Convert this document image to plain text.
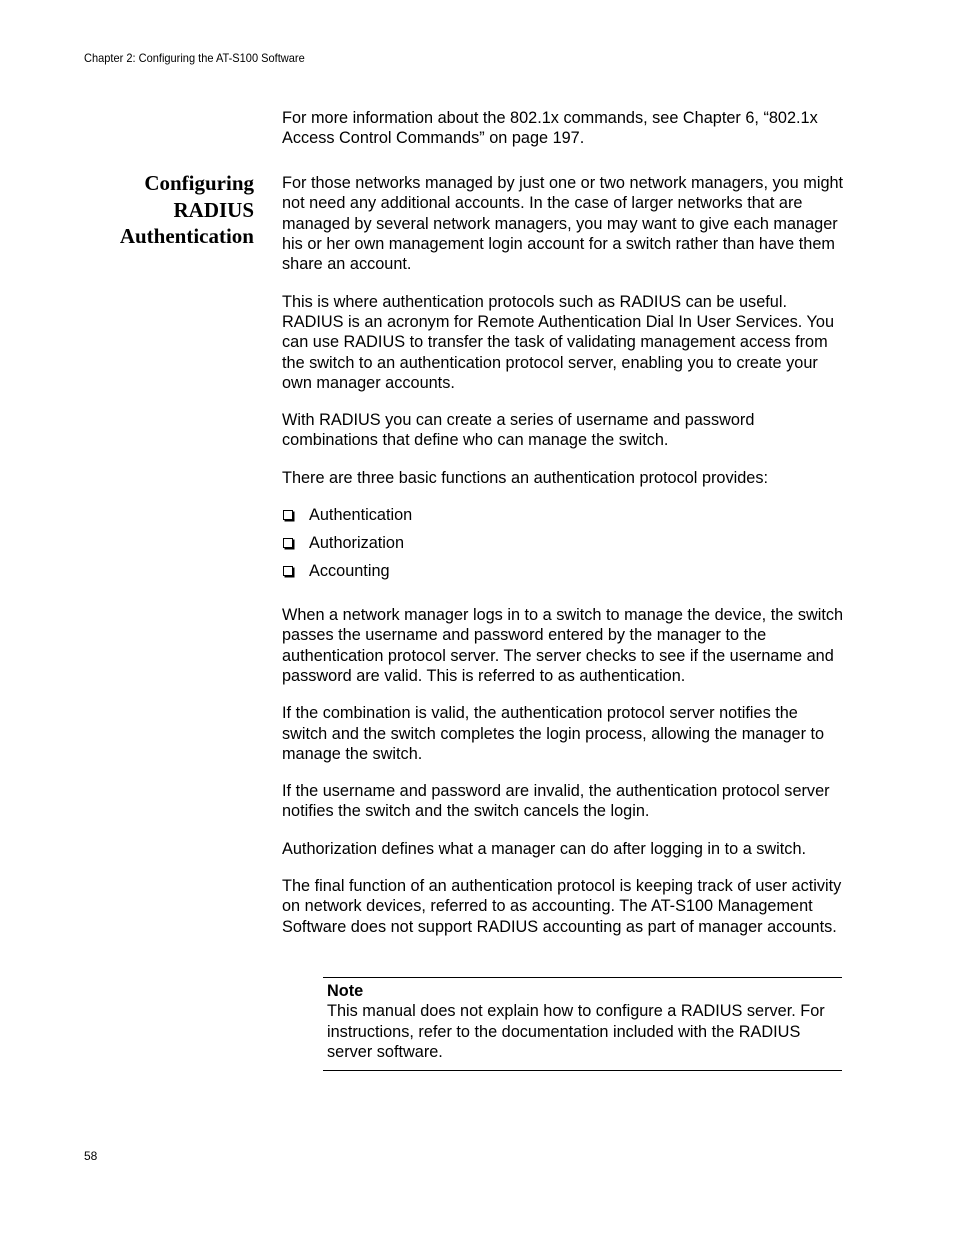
Chapter 2: Configuring the AT-S100 Software
Configuring
RADIUS
Authentication

For more information about the 802.1x commands, see Chapter 6, “802.1x Access Control Commands” on page 197.

For those networks managed by just one or two network managers, you might not need any additional accounts. In the case of larger networks that are managed by several network managers, you may want to give each manager his or her own management login account for a switch rather than have them share an account.

This is where authentication protocols such as RADIUS can be useful. RADIUS is an acronym for Remote Authentication Dial In User Services. You can use RADIUS to transfer the task of validating management access from the switch to an authentication protocol server, enabling you to create your own manager accounts.

With RADIUS you can create a series of username and password combinations that define who can manage the switch.

There are three basic functions an authentication protocol provides:

Authentication
Authorization
Accounting

When a network manager logs in to a switch to manage the device, the switch passes the username and password entered by the manager to the authentication protocol server. The server checks to see if the username and password are valid. This is referred to as authentication.

If the combination is valid, the authentication protocol server notifies the switch and the switch completes the login process, allowing the manager to manage the switch.

If the username and password are invalid, the authentication protocol server notifies the switch and the switch cancels the login.

Authorization defines what a manager can do after logging in to a switch.

The final function of an authentication protocol is keeping track of user activity on network devices, referred to as accounting. The AT-S100 Management Software does not support RADIUS accounting as part of manager accounts.

Note

This manual does not explain how to configure a RADIUS server. For instructions, refer to the documentation included with the RADIUS server software.

58
